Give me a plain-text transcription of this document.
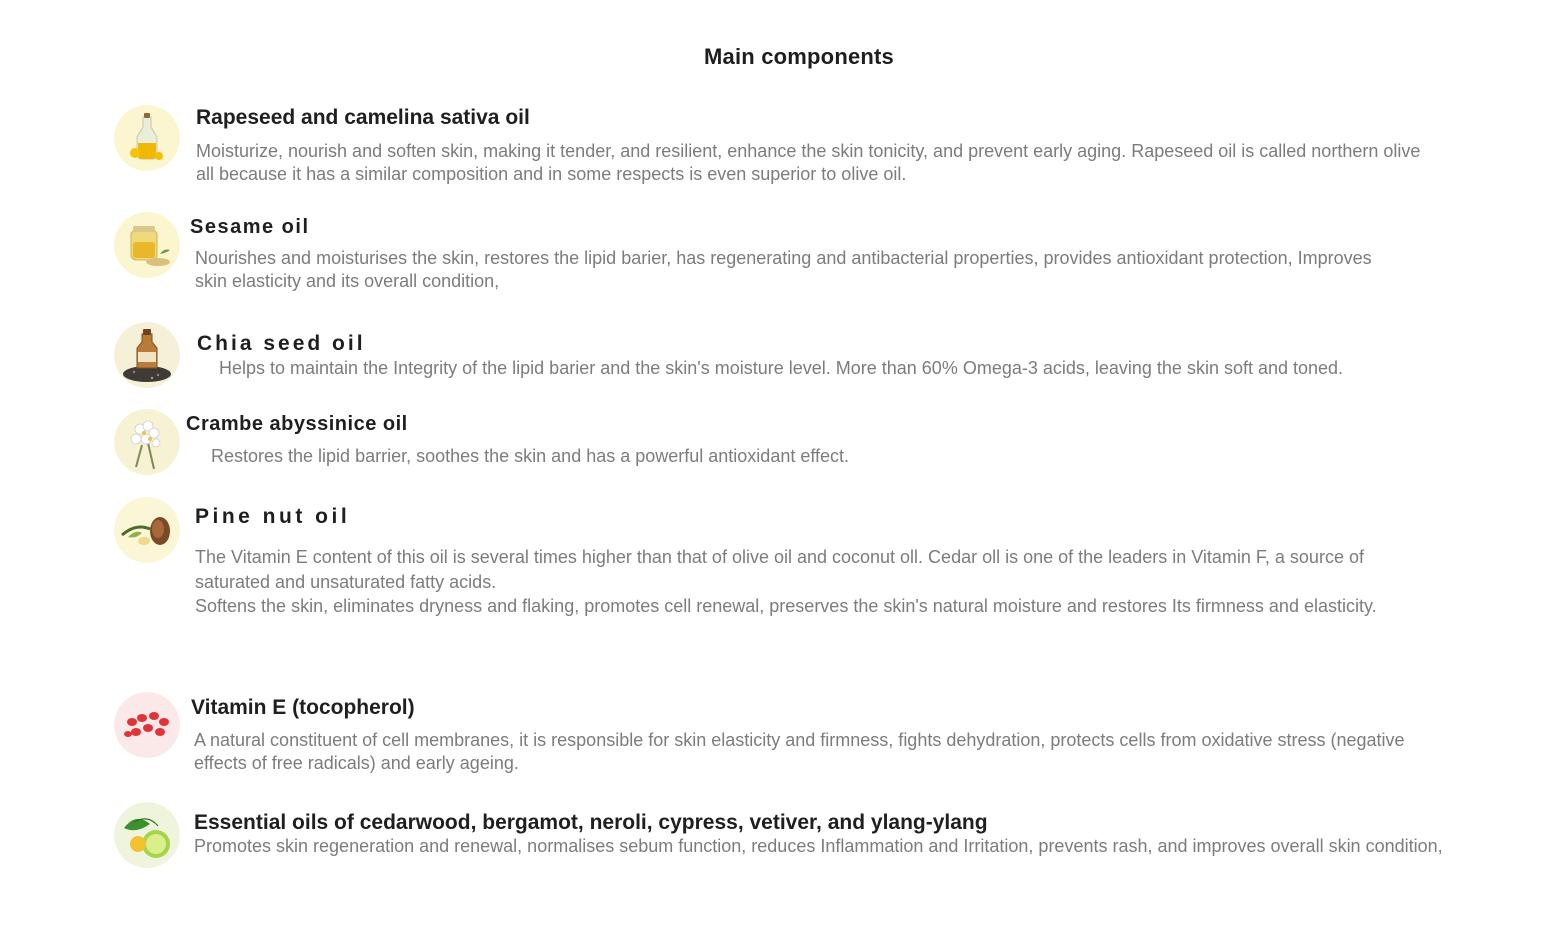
Main components
Rapeseed and camelina sativa oil
Moisturize, nourish and soften skin, making it tender, and resilient, enhance the skin tonicity, and prevent early aging. Rapeseed oil is called northern olive all because it has a similar composition and in some respects is even superior to olive oil.
Sesame oil
Nourishes and moisturises the skin, restores the lipid barier, has regenerating and antibacterial properties, provides antioxidant protection, Improves skin elasticity and its overall condition,
Chia seed oil
Helps to maintain the Integrity of the lipid barier and the skin's moisture level. More than 60% Omega-3 acids, leaving the skin soft and toned.
Crambe abyssinice oil
Restores the lipid barrier, soothes the skin and has a powerful antioxidant effect.
Pine nut oil

The Vitamin E content of this oil is several times higher than that of olive oil and coconut oll. Cedar oll is one of the leaders in Vitamin F, a source of saturated and unsaturated fatty acids.

Softens the skin, eliminates dryness and flaking, promotes cell renewal, preserves the skin's natural moisture and restores Its firmness and elasticity.

Vitamin E (tocopherol)
A natural constituent of cell membranes, it is responsible for skin elasticity and firmness, fights dehydration, protects cells from oxidative stress (negative effects of free radicals) and early ageing.
Essential oils of cedarwood, bergamot, neroli, cypress, vetiver, and ylang-ylang
Promotes skin regeneration and renewal, normalises sebum function, reduces Inflammation and Irritation, prevents rash, and improves overall skin condition,
